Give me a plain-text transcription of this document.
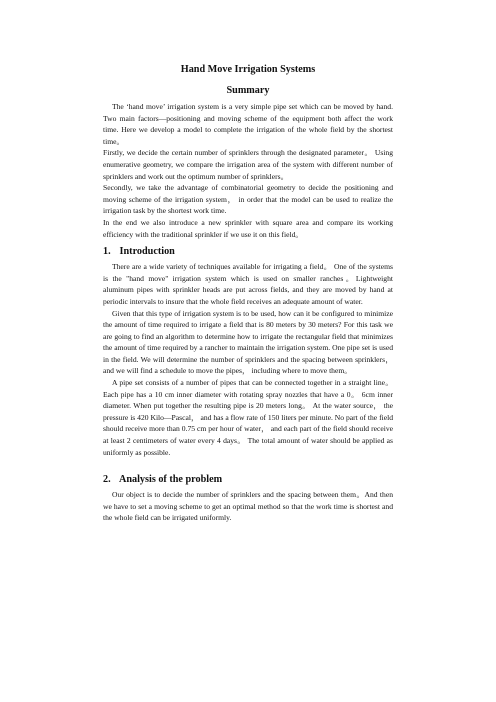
Hand Move Irrigation Systems
Summary

The ‘hand move’ irrigation system is a very simple pipe set which can be moved by hand. Two main factors—positioning and moving scheme of the equipment both affect the work time. Here we develop a model to complete the irrigation of the whole field by the shortest time。

Firstly, we decide the certain number of sprinklers through the designated parameter。 Using enumerative geometry, we compare the irrigation area of the system with different number of sprinklers and work out the optimum number of sprinklers。

Secondly, we take the advantage of combinatorial geometry to decide the positioning and moving scheme of the irrigation system， in order that the model can be used to realize the irrigation task by the shortest work time.

In the end we also introduce a new sprinkler with square area and compare its working efficiency with the traditional sprinkler if we use it on this field。

1. Introduction

There are a wide variety of techniques available for irrigating a field。 One of the systems is the "hand move" irrigation system which is used on smaller ranches。Lightweight aluminum pipes with sprinkler heads are put across fields, and they are moved by hand at periodic intervals to insure that the whole field receives an adequate amount of water.

Given that this type of irrigation system is to be used, how can it be configured to minimize the amount of time required to irrigate a field that is 80 meters by 30 meters? For this task we are going to find an algorithm to determine how to irrigate the rectangular field that minimizes the amount of time required by a rancher to maintain the irrigation system. One pipe set is used in the field. We will determine the number of sprinklers and the spacing between sprinklers， and we will find a schedule to move the pipes， including where to move them。

A pipe set consists of a number of pipes that can be connected together in a straight line。 Each pipe has a 10 cm inner diameter with rotating spray nozzles that have a 0。 6cm inner diameter. When put together the resulting pipe is 20 meters long。 At the water source， the pressure is 420 Kilo—Pascal， and has a flow rate of 150 liters per minute. No part of the field should receive more than 0.75 cm per hour of water， and each part of the field should receive at least 2 centimeters of water every 4 days。 The total amount of water should be applied as uniformly as possible.

2. Analysis of the problem

Our object is to decide the number of sprinklers and the spacing between them。And then we have to set a moving scheme to get an optimal method so that the work time is shortest and the whole field can be irrigated uniformly.
